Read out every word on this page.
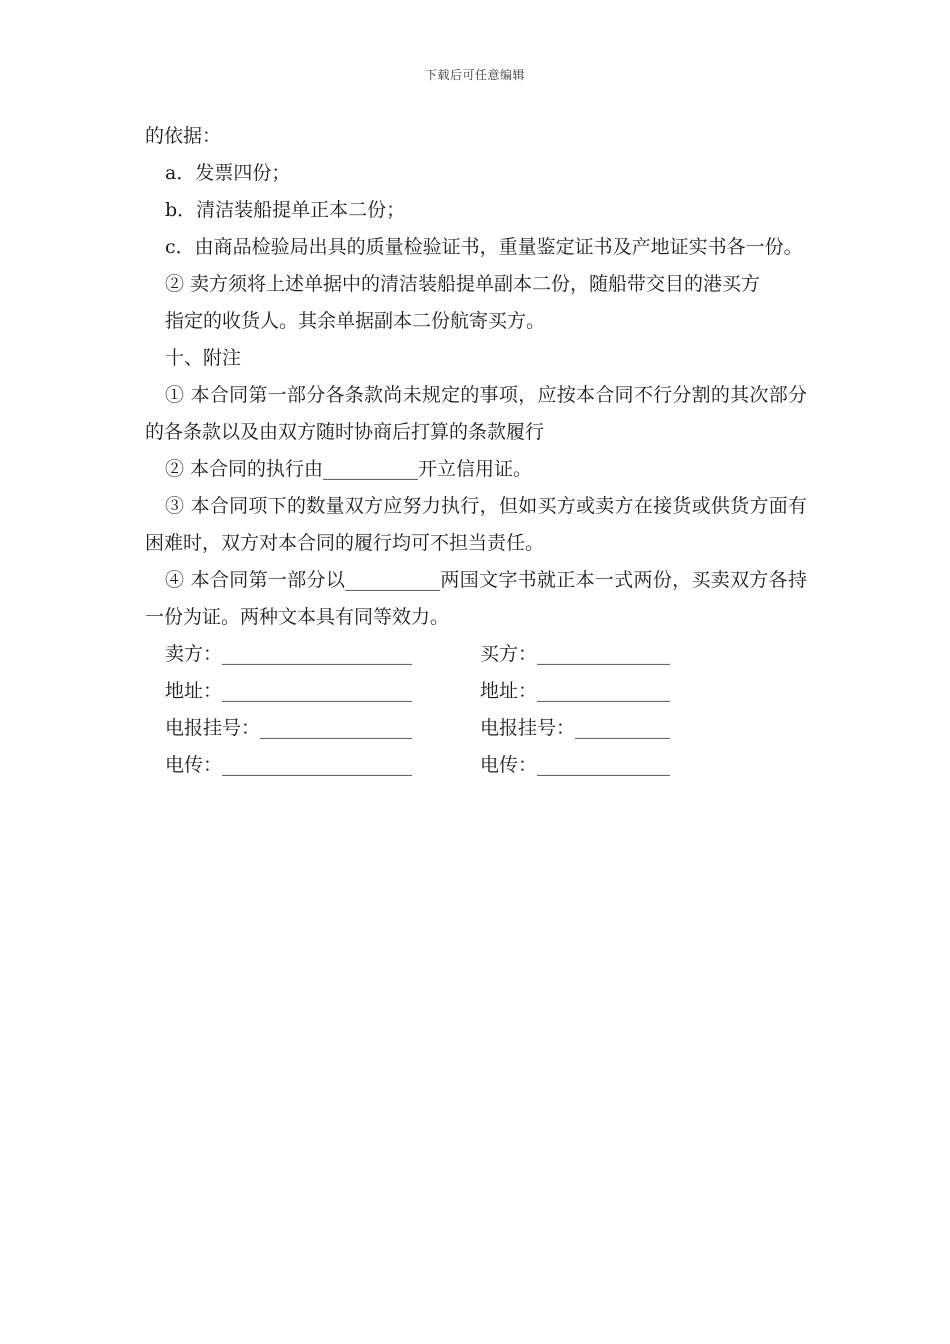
下载后可任意编辑

的依据：

a．发票四份；

b．清洁装船提单正本二份；

c．由商品检验局出具的质量检验证书，重量鉴定证书及产地证实书各一份。

② 卖方须将上述单据中的清洁装船提单副本二份，随船带交目的港买方

指定的收货人。其余单据副本二份航寄买方。

十、附注

① 本合同第一部分各条款尚未规定的事项，应按本合同不行分割的其次部分的各条款以及由双方随时协商后打算的条款履行

② 本合同的执行由__________开立信用证。

③ 本合同项下的数量双方应努力执行，但如买方或卖方在接货或供货方面有困难时，双方对本合同的履行均可不担当责任。

④ 本合同第一部分以__________两国文字书就正本一式两份，买卖双方各持一份为证。两种文本具有同等效力。

卖方：____________________	买方：______________
地址：____________________	地址：______________
电报挂号：________________	电报挂号：__________
电传：____________________	电传：______________
